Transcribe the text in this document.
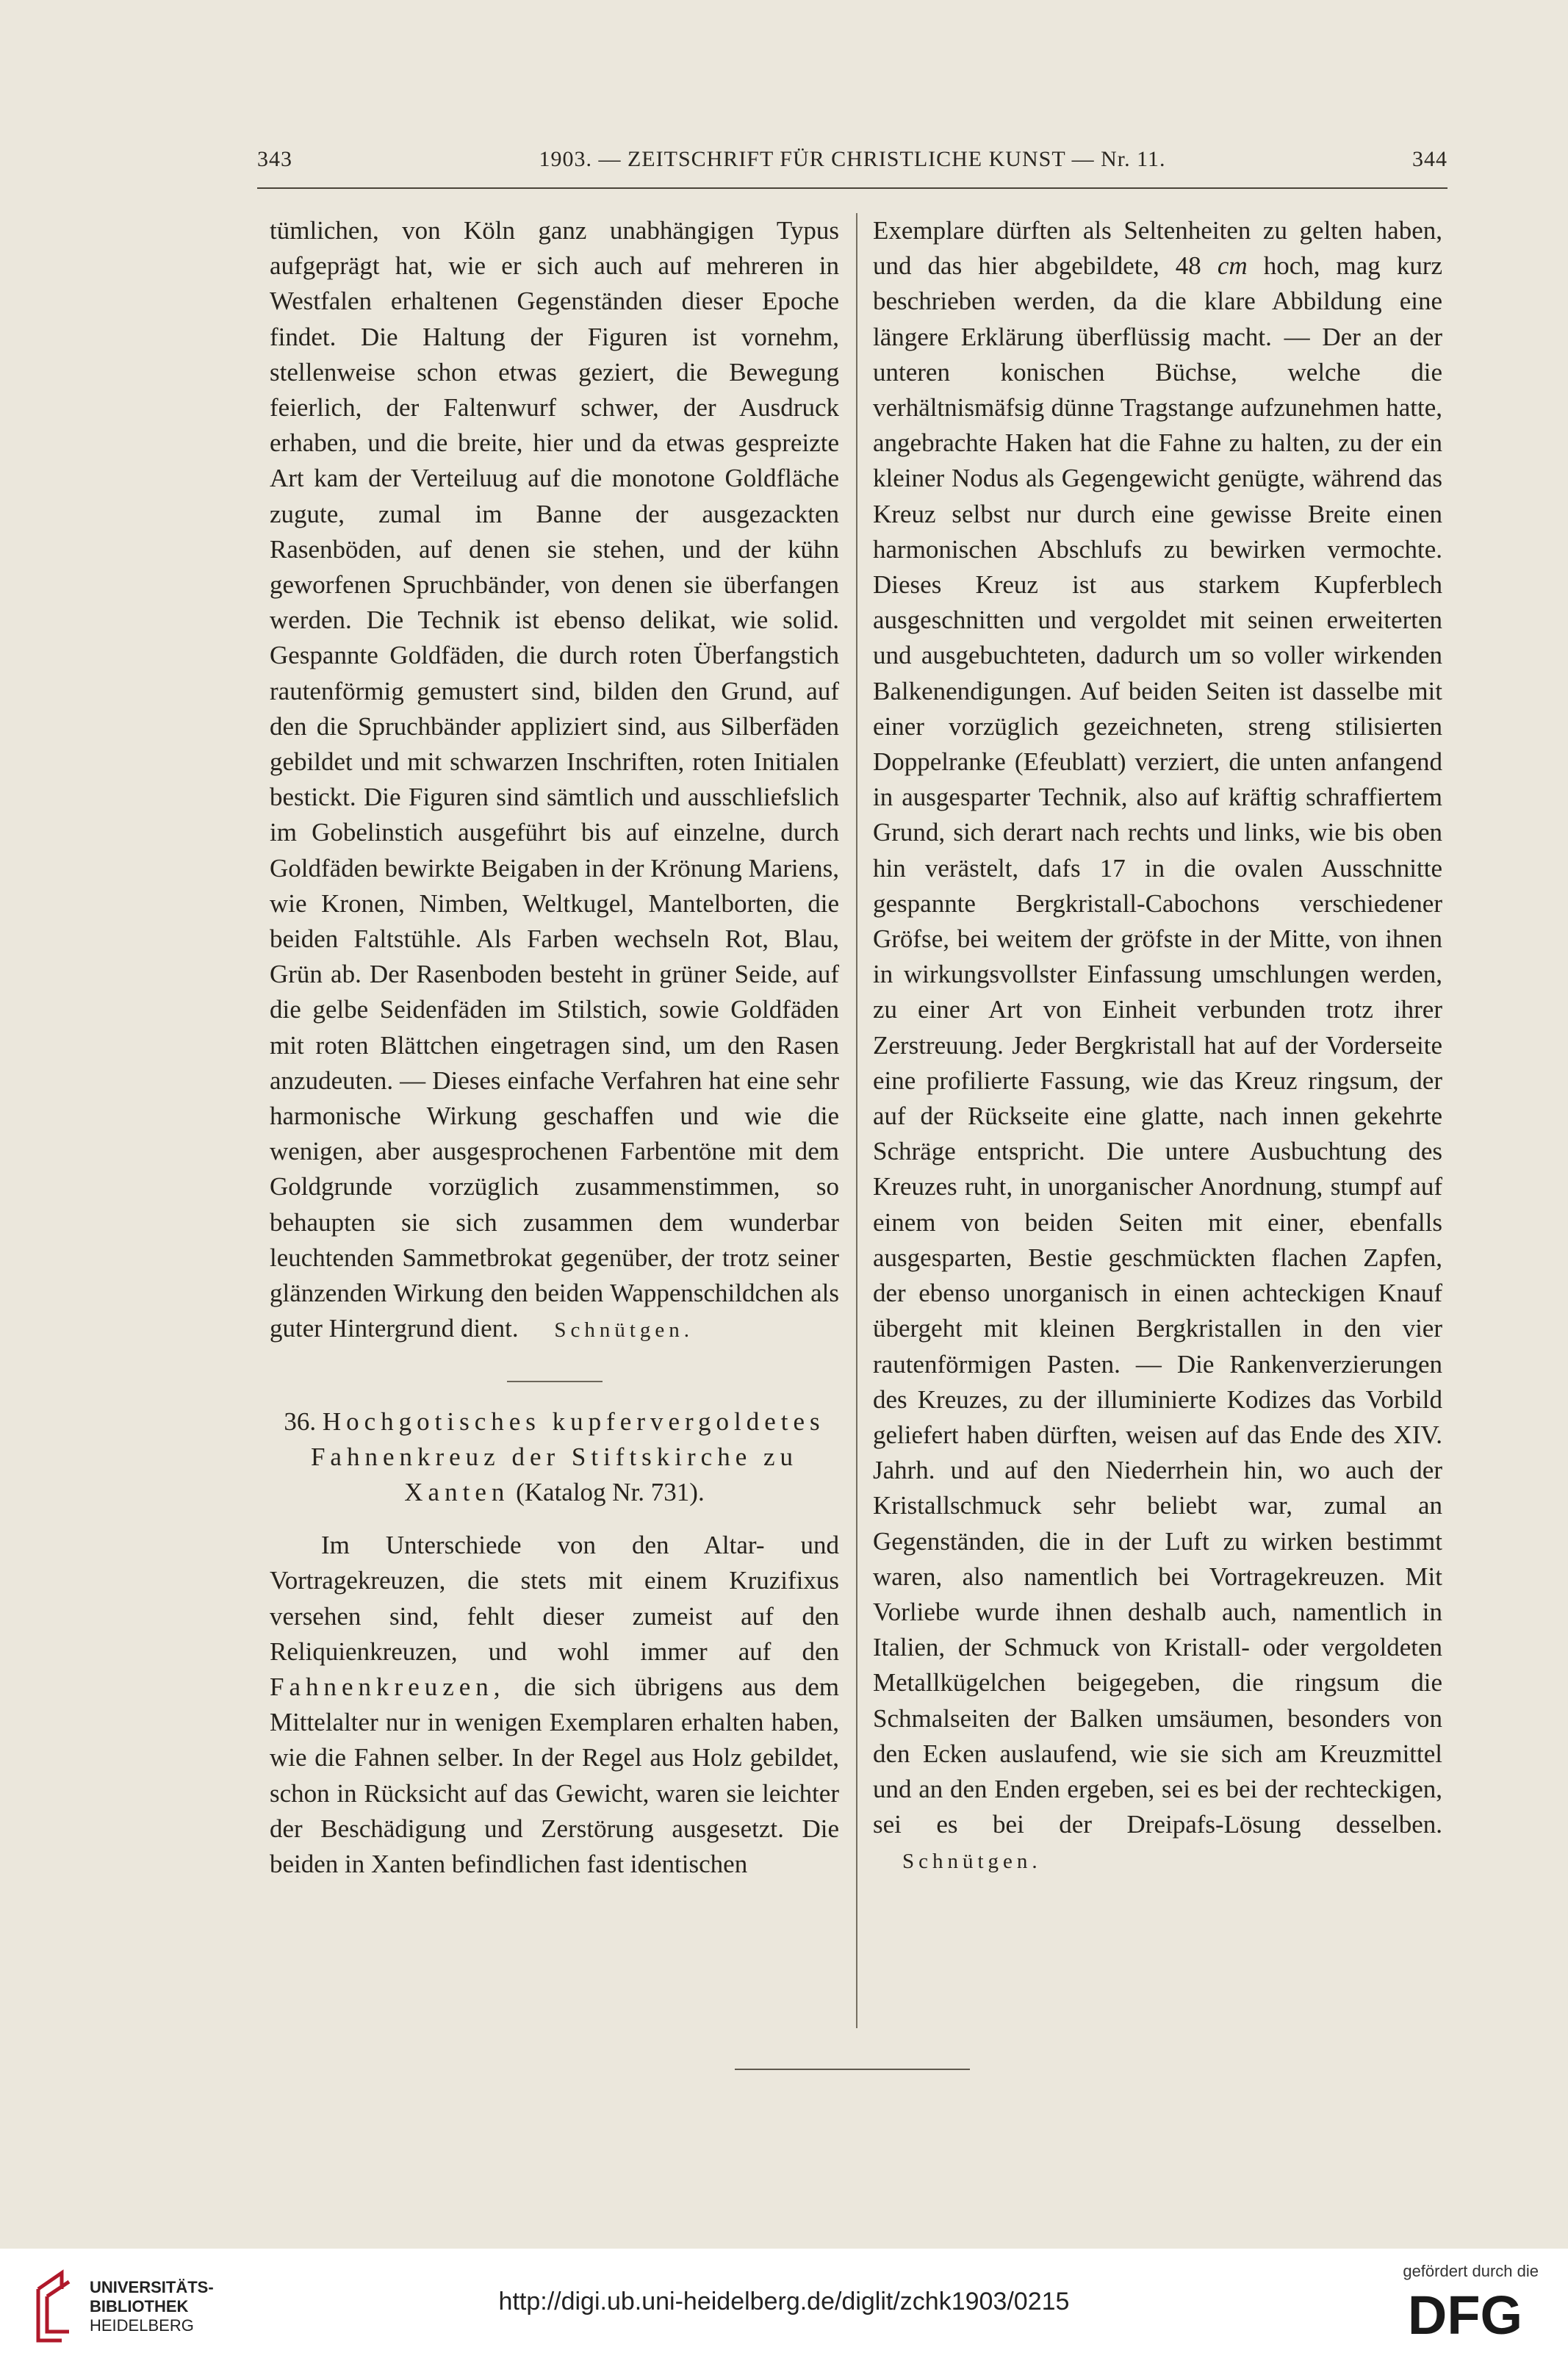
343	1903. — ZEITSCHRIFT FÜR CHRISTLICHE KUNST — Nr. 11.	344

tümlichen, von Köln ganz unabhängigen Typus aufgeprägt hat, wie er sich auch auf mehreren in Westfalen erhaltenen Gegenständen dieser Epoche findet. Die Haltung der Figuren ist vornehm, stellenweise schon etwas geziert, die Bewegung feierlich, der Faltenwurf schwer, der Ausdruck erhaben, und die breite, hier und da etwas gespreizte Art kam der Verteiluug auf die monotone Goldfläche zugute, zumal im Banne der ausgezackten Rasenböden, auf denen sie stehen, und der kühn geworfenen Spruchbänder, von denen sie überfangen werden. Die Technik ist ebenso delikat, wie solid. Gespannte Goldfäden, die durch roten Überfangstich rautenförmig gemustert sind, bilden den Grund, auf den die Spruchbänder appliziert sind, aus Silberfäden gebildet und mit schwarzen Inschriften, roten Initialen bestickt. Die Figuren sind sämtlich und ausschliefslich im Gobelinstich ausgeführt bis auf einzelne, durch Goldfäden bewirkte Beigaben in der Krönung Mariens, wie Kronen, Nimben, Weltkugel, Mantelborten, die beiden Faltstühle. Als Farben wechseln Rot, Blau, Grün ab. Der Rasenboden besteht in grüner Seide, auf die gelbe Seidenfäden im Stilstich, sowie Goldfäden mit roten Blättchen eingetragen sind, um den Rasen anzudeuten. — Dieses einfache Verfahren hat eine sehr harmonische Wirkung geschaffen und wie die wenigen, aber ausgesprochenen Farbentöne mit dem Goldgrunde vorzüglich zusammenstimmen, so behaupten sie sich zusammen dem wunderbar leuchtenden Sammetbrokat gegenüber, der trotz seiner glänzenden Wirkung den beiden Wappenschildchen als guter Hintergrund dient. Schnütgen.

36. Hochgotisches kupfervergoldetes Fahnenkreuz der Stiftskirche zu Xanten (Katalog Nr. 731).

Im Unterschiede von den Altar- und Vortragekreuzen, die stets mit einem Kruzifixus versehen sind, fehlt dieser zumeist auf den Reliquienkreuzen, und wohl immer auf den Fahnenkreuzen, die sich übrigens aus dem Mittelalter nur in wenigen Exemplaren erhalten haben, wie die Fahnen selber. In der Regel aus Holz gebildet, schon in Rücksicht auf das Gewicht, waren sie leichter der Beschädigung und Zerstörung ausgesetzt. Die beiden in Xanten befindlichen fast identischen

Exemplare dürften als Seltenheiten zu gelten haben, und das hier abgebildete, 48 cm hoch, mag kurz beschrieben werden, da die klare Abbildung eine längere Erklärung überflüssig macht. — Der an der unteren konischen Büchse, welche die verhältnismäfsig dünne Tragstange aufzunehmen hatte, angebrachte Haken hat die Fahne zu halten, zu der ein kleiner Nodus als Gegengewicht genügte, während das Kreuz selbst nur durch eine gewisse Breite einen harmonischen Abschlufs zu bewirken vermochte. Dieses Kreuz ist aus starkem Kupferblech ausgeschnitten und vergoldet mit seinen erweiterten und ausgebuchteten, dadurch um so voller wirkenden Balkenendigungen. Auf beiden Seiten ist dasselbe mit einer vorzüglich gezeichneten, streng stilisierten Doppelranke (Efeublatt) verziert, die unten anfangend in ausgesparter Technik, also auf kräftig schraffiertem Grund, sich derart nach rechts und links, wie bis oben hin verästelt, dafs 17 in die ovalen Ausschnitte gespannte Bergkristall-Cabochons verschiedener Gröfse, bei weitem der gröfste in der Mitte, von ihnen in wirkungsvollster Einfassung umschlungen werden, zu einer Art von Einheit verbunden trotz ihrer Zerstreuung. Jeder Bergkristall hat auf der Vorderseite eine profilierte Fassung, wie das Kreuz ringsum, der auf der Rückseite eine glatte, nach innen gekehrte Schräge entspricht. Die untere Ausbuchtung des Kreuzes ruht, in unorganischer Anordnung, stumpf auf einem von beiden Seiten mit einer, ebenfalls ausgesparten, Bestie geschmückten flachen Zapfen, der ebenso unorganisch in einen achteckigen Knauf übergeht mit kleinen Bergkristallen in den vier rautenförmigen Pasten. — Die Rankenverzierungen des Kreuzes, zu der illuminierte Kodizes das Vorbild geliefert haben dürften, weisen auf das Ende des XIV. Jahrh. und auf den Niederrhein hin, wo auch der Kristallschmuck sehr beliebt war, zumal an Gegenständen, die in der Luft zu wirken bestimmt waren, also namentlich bei Vortragekreuzen. Mit Vorliebe wurde ihnen deshalb auch, namentlich in Italien, der Schmuck von Kristall- oder vergoldeten Metallkügelchen beigegeben, die ringsum die Schmalseiten der Balken umsäumen, besonders von den Ecken auslaufend, wie sie sich am Kreuzmittel und an den Enden ergeben, sei es bei der rechteckigen, sei es bei der Dreipafs-Lösung desselben. Schnütgen.

UNIVERSITÄTS-
BIBLIOTHEK
HEIDELBERG
http://digi.ub.uni-heidelberg.de/diglit/zchk1903/0215
gefördert durch die
DFG
